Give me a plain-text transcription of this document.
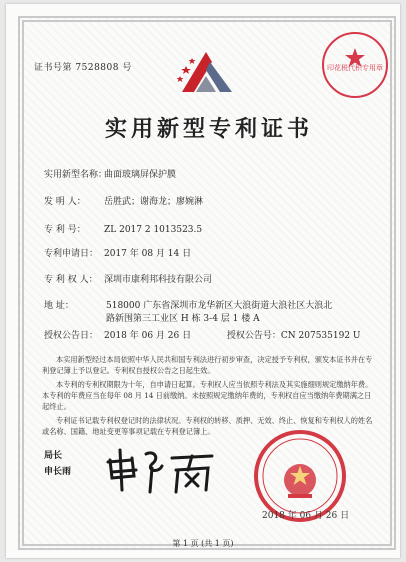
证书号第 7528808 号	印花税代积专用章
实用新型专利证书
实用新型名称：曲面玻璃屏保护膜
发 明 人： 岳胜武；谢海龙；廖婉淋
专 利 号： ZL 2017 2 1013523.5
专利申请日： 2017 年 08 月 14 日
专 利 权 人： 深圳市康利邦科技有限公司
地 址：	518000 广东省深圳市龙华新区大浪街道大浪社区大浪北
路新围第三工业区 H 栋 3-4 层 1 楼 A
授权公告日： 2018 年 06 月 26 日	授权公告号：CN 207535192 U

本实用新型经过本局依照中华人民共和国专利法进行初步审查，决定授予专利权，颁发本证书并在专利登记簿上予以登记。专利权自授权公告之日起生效。

本专利的专利权期限为十年，自申请日起算。专利权人应当依照专利法及其实施细则规定缴纳年费。本专利的年费应当在每年 08 月 14 日前缴纳。未按照规定缴纳年费的，专利权自应当缴纳年费期满之日起终止。

专利证书记载专利权登记时的法律状况。专利权的转移、质押、无效、终止、恢复和专利权人的姓名或名称、国籍、地址变更等事项记载在专利登记簿上。

局长
申长雨
2018 年 06 月 26 日
第 1 页 (共 1 页)
